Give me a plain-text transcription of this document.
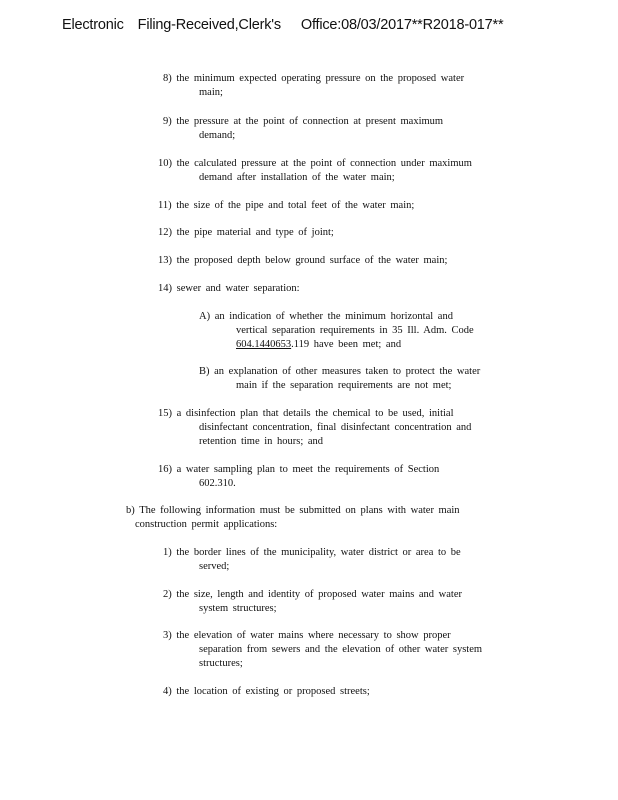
Electronic Filing-Received,Clerk's Office:08/03/2017**R2018-017**
8) the minimum expected operating pressure on the proposed water
main;
9) the pressure at the point of connection at present maximum
demand;
10) the calculated pressure at the point of connection under maximum
demand after installation of the water main;
11) the size of the pipe and total feet of the water main;
12) the pipe material and type of joint;
13) the proposed depth below ground surface of the water main;
14) sewer and water separation:
A) an indication of whether the minimum horizontal and
vertical separation requirements in 35 Ill. Adm. Code
604.1440653.119 have been met; and
B) an explanation of other measures taken to protect the water
main if the separation requirements are not met;
15) a disinfection plan that details the chemical to be used, initial
disinfectant concentration, final disinfectant concentration and
retention time in hours; and
16) a water sampling plan to meet the requirements of Section
602.310.
b) The following information must be submitted on plans with water main
construction permit applications:
1) the border lines of the municipality, water district or area to be
served;
2) the size, length and identity of proposed water mains and water
system structures;
3) the elevation of water mains where necessary to show proper
separation from sewers and the elevation of other water system
structures;
4) the location of existing or proposed streets;
